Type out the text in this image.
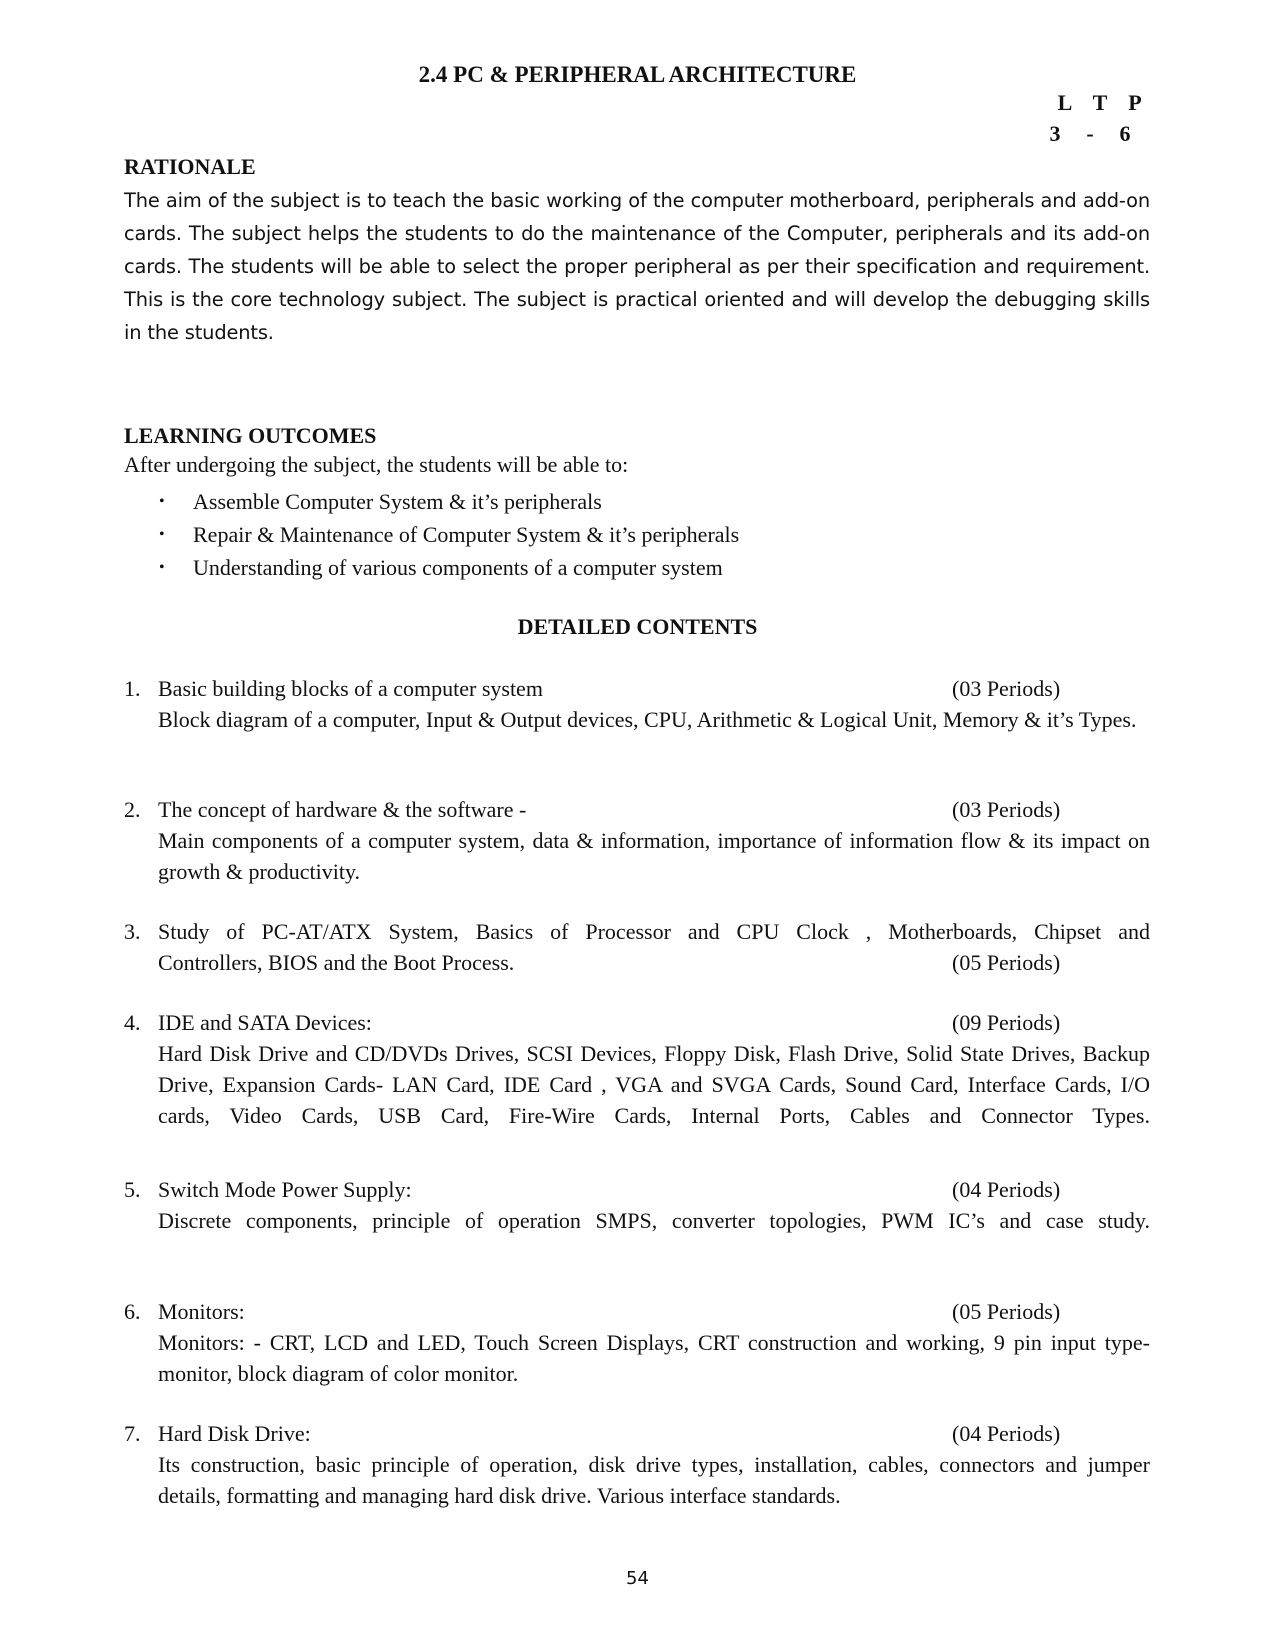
2.4 PC & PERIPHERAL ARCHITECTURE
L T P
3	-	6
RATIONALE
The aim of the subject is to teach the basic working of the computer motherboard, peripherals and add-on cards. The subject helps the students to do the maintenance of the Computer, peripherals and its add-on cards. The students will be able to select the proper peripheral as per their specification and requirement. This is the core technology subject. The subject is practical oriented and will develop the debugging skills in the students.
LEARNING OUTCOMES
After undergoing the subject, the students will be able to:
• Assemble Computer System & it’s peripherals
• Repair & Maintenance of Computer System & it’s peripherals
• Understanding of various components of a computer system
DETAILED CONTENTS
1. Basic building blocks of a computer system	(03 Periods)
Block diagram of a computer, Input & Output devices, CPU, Arithmetic & Logical Unit, Memory & it’s Types.
2. The concept of hardware & the software -	(03 Periods)
Main components of a computer system, data & information, importance of information flow & its impact on growth & productivity.
3. Study of PC-AT/ATX System, Basics of Processor and CPU Clock , Motherboards, Chipset and
Controllers, BIOS and the Boot Process.	(05 Periods)
4. IDE and SATA Devices:	(09 Periods)
Hard Disk Drive and CD/DVDs Drives, SCSI Devices, Floppy Disk, Flash Drive, Solid State Drives, Backup Drive, Expansion Cards- LAN Card, IDE Card , VGA and SVGA Cards, Sound Card, Interface Cards, I/O cards, Video Cards, USB Card, Fire-Wire Cards, Internal Ports, Cables and Connector Types.
5. Switch Mode Power Supply:	(04 Periods)
Discrete components, principle of operation SMPS, converter topologies, PWM IC’s and case study.
6. Monitors:	(05 Periods)
Monitors: - CRT, LCD and LED, Touch Screen Displays, CRT construction and working, 9 pin input type-monitor, block diagram of color monitor.
7. Hard Disk Drive:	(04 Periods)
Its construction, basic principle of operation, disk drive types, installation, cables, connectors and jumper details, formatting and managing hard disk drive. Various interface standards.
54
